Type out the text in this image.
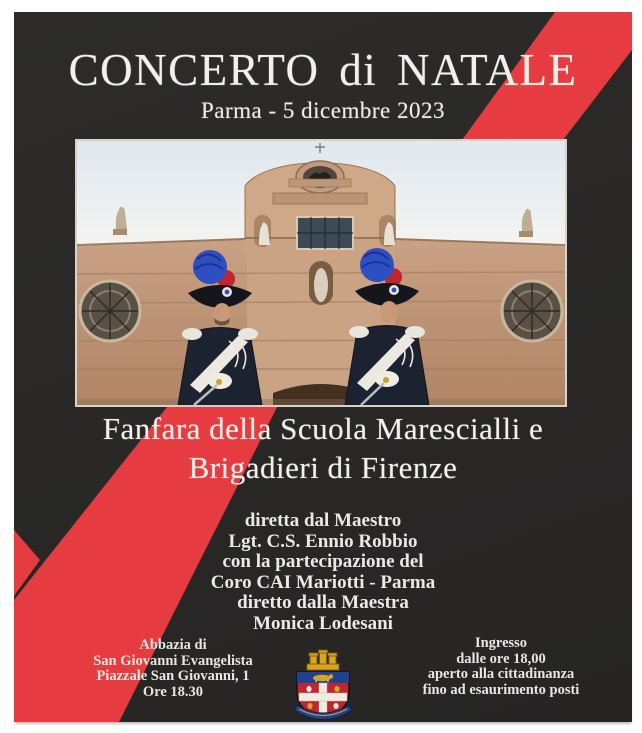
CONCERTO di NATALE
Parma - 5 dicembre 2023
Fanfara della Scuola Marescialli e
Brigadieri di Firenze
diretta dal Maestro
Lgt. C.S. Ennio Robbio
con la partecipazione del
Coro CAI Mariotti - Parma
diretto dalla Maestra
Monica Lodesani
Abbazia di
San Giovanni Evangelista
Piazzale San Giovanni, 1
Ore 18.30
Ingresso
dalle ore 18,00
aperto alla cittadinanza
fino ad esaurimento posti
